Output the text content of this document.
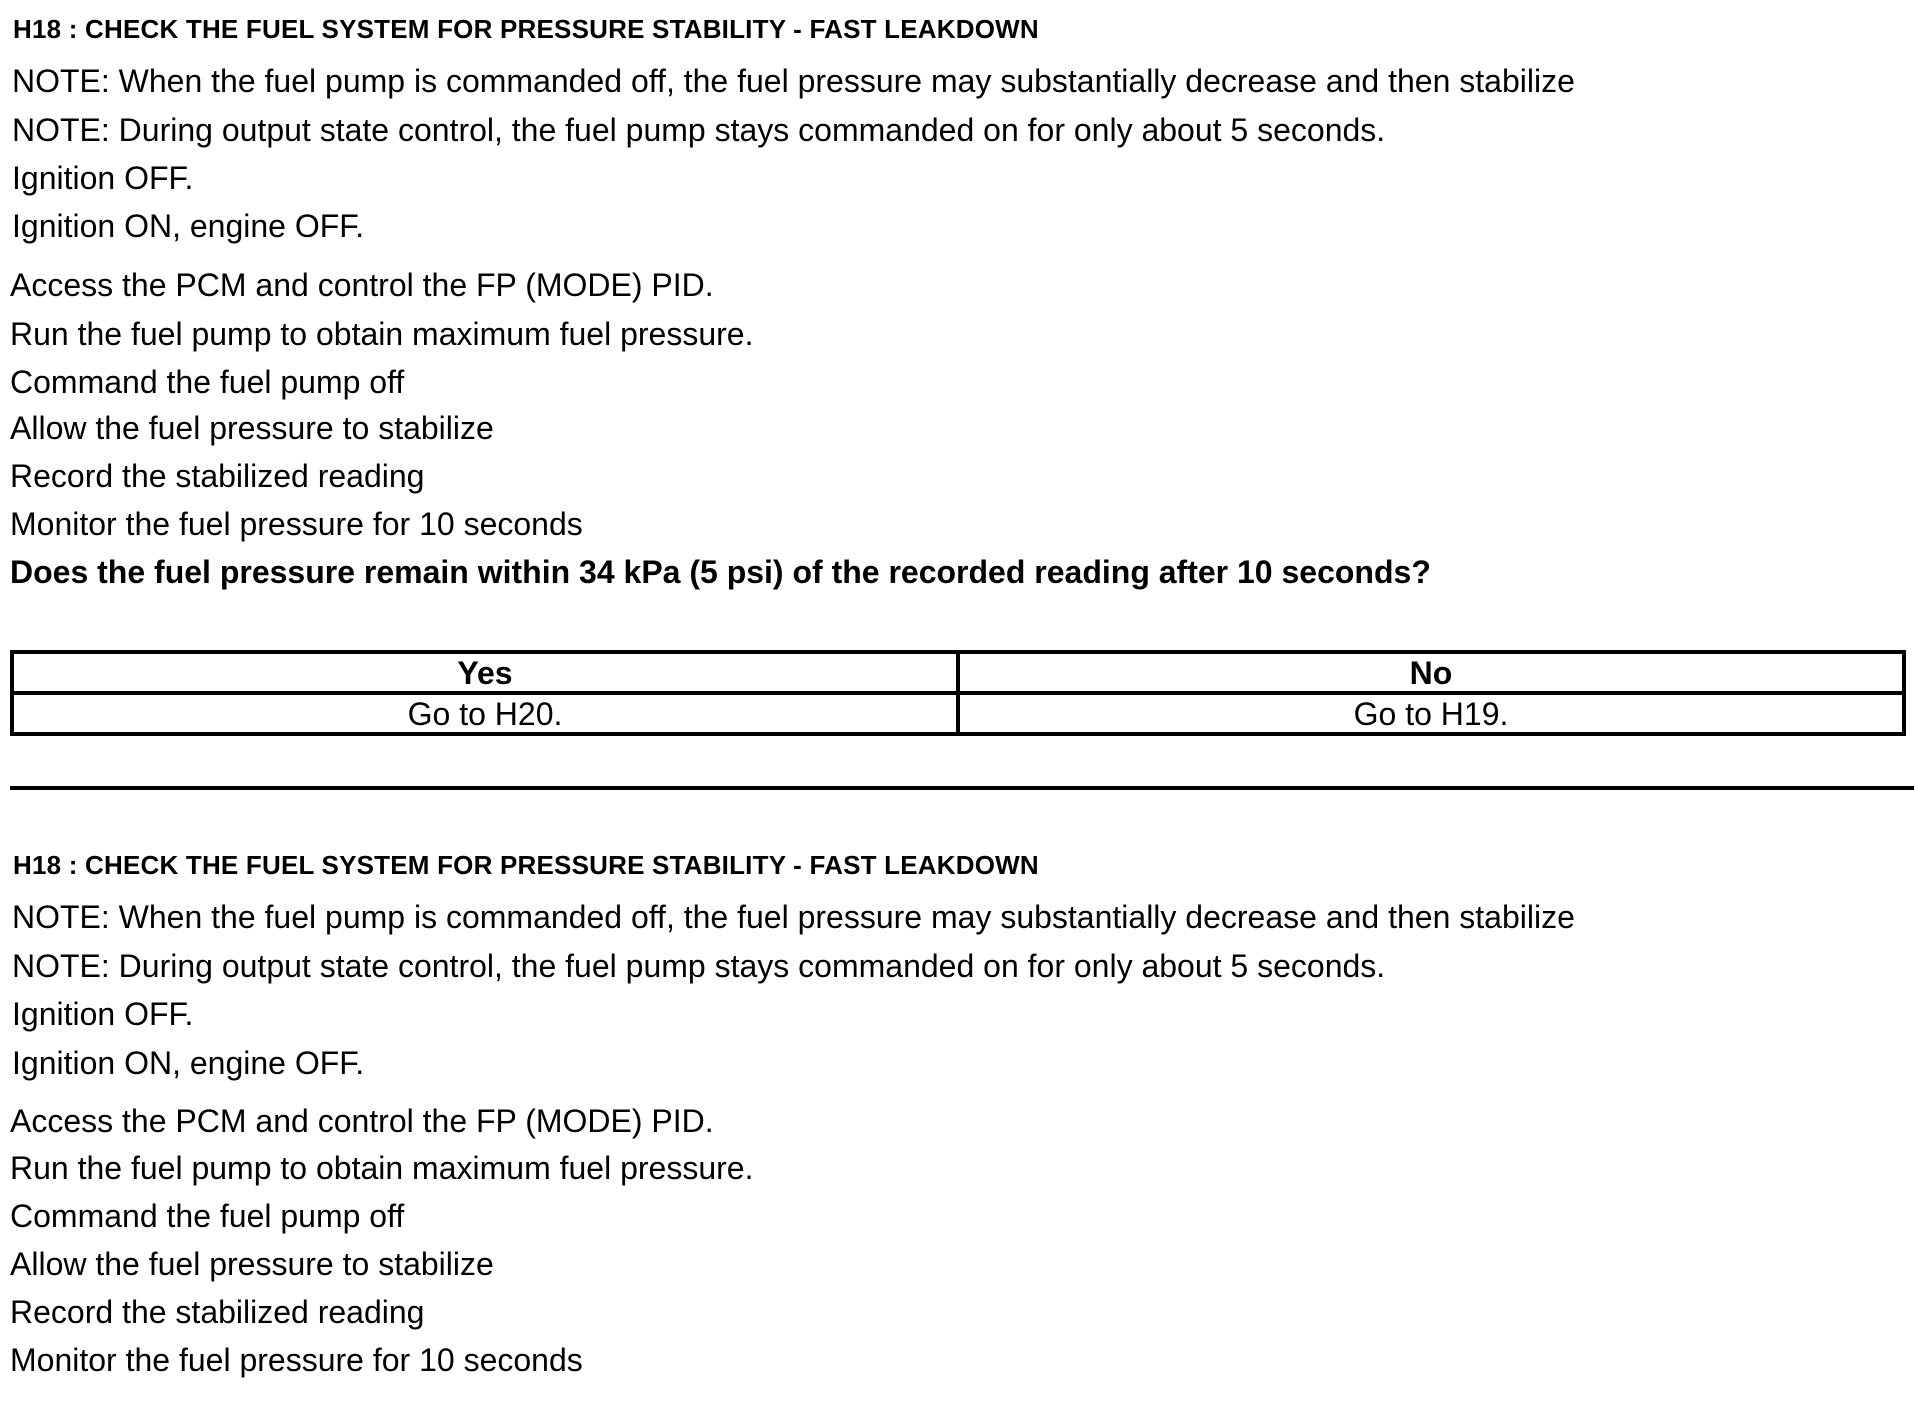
H18 : CHECK THE FUEL SYSTEM FOR PRESSURE STABILITY - FAST LEAKDOWN
NOTE: When the fuel pump is commanded off, the fuel pressure may substantially decrease and then stabilize
NOTE: During output state control, the fuel pump stays commanded on for only about 5 seconds.
Ignition OFF.
Ignition ON, engine OFF.
Access the PCM and control the FP (MODE) PID.
Run the fuel pump to obtain maximum fuel pressure.
Command the fuel pump off
Allow the fuel pressure to stabilize
Record the stabilized reading
Monitor the fuel pressure for 10 seconds
Does the fuel pressure remain within 34 kPa (5 psi) of the recorded reading after 10 seconds?
Yes	No
Go to H20.	Go to H19.
H18 : CHECK THE FUEL SYSTEM FOR PRESSURE STABILITY - FAST LEAKDOWN
NOTE: When the fuel pump is commanded off, the fuel pressure may substantially decrease and then stabilize
NOTE: During output state control, the fuel pump stays commanded on for only about 5 seconds.
Ignition OFF.
Ignition ON, engine OFF.
Access the PCM and control the FP (MODE) PID.
Run the fuel pump to obtain maximum fuel pressure.
Command the fuel pump off
Allow the fuel pressure to stabilize
Record the stabilized reading
Monitor the fuel pressure for 10 seconds
